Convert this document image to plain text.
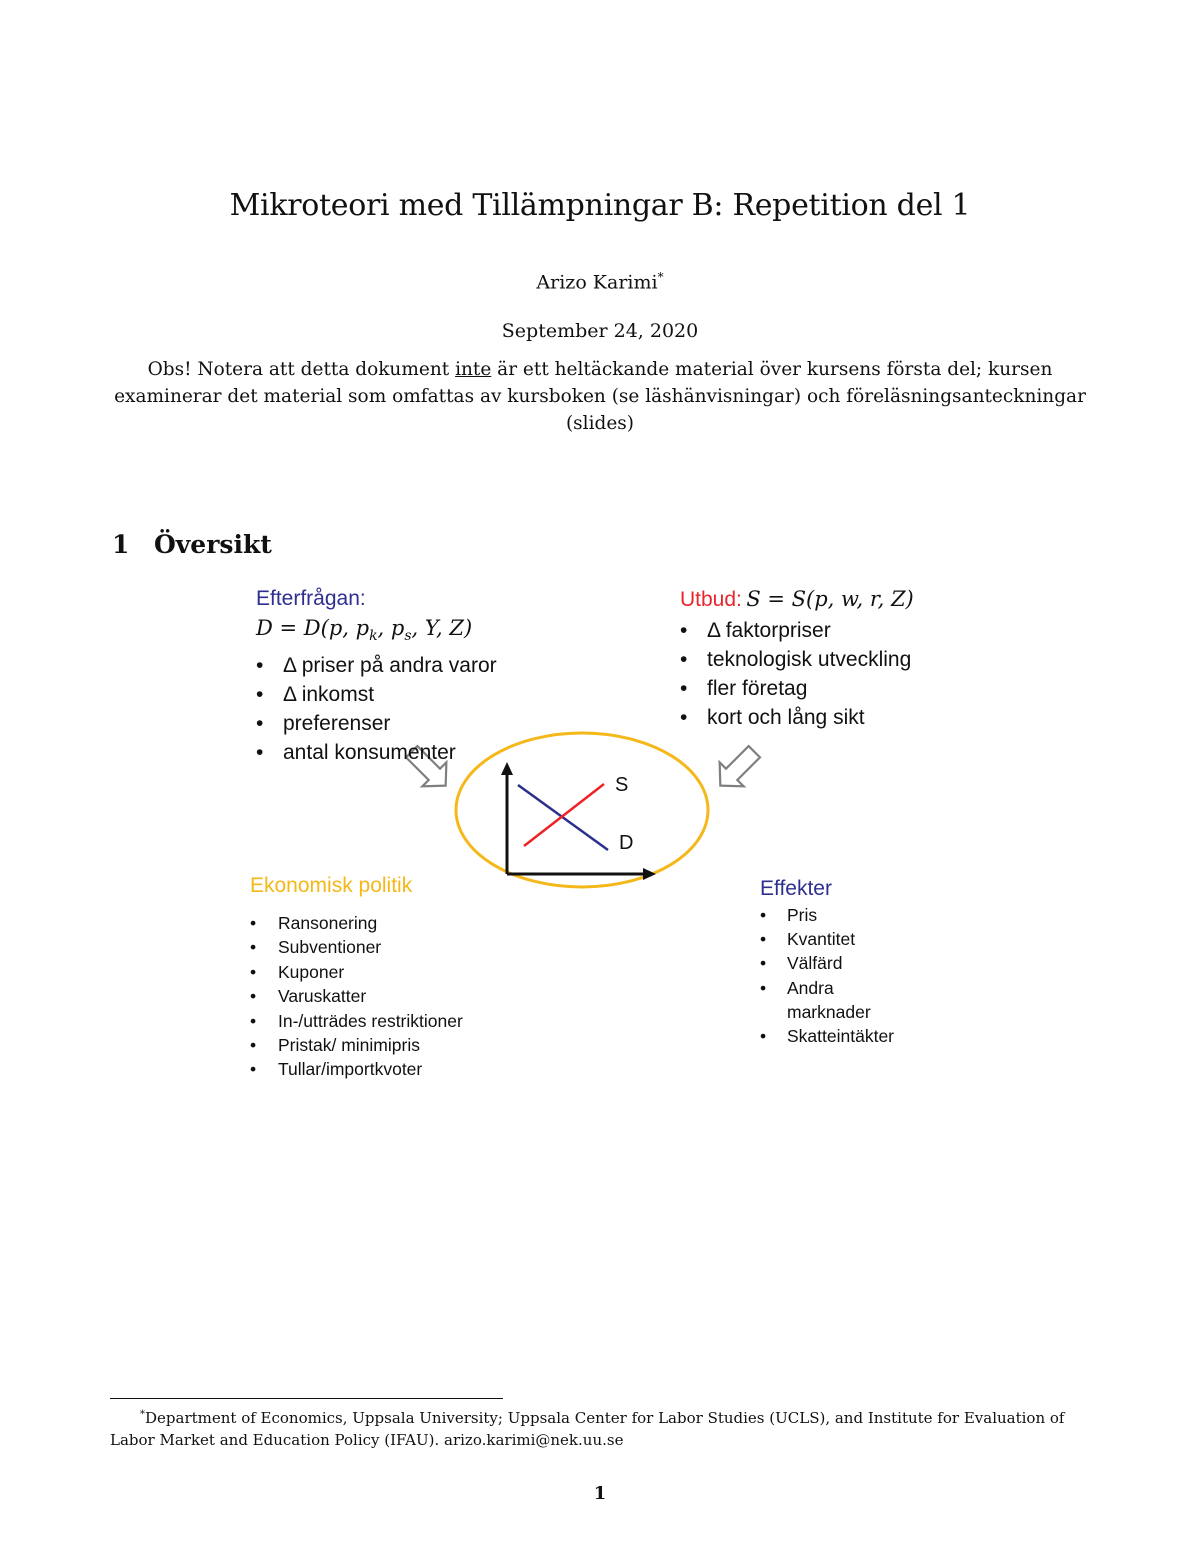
Mikroteori med Tillämpningar B: Repetition del 1
Arizo Karimi*
September 24, 2020
Obs! Notera att detta dokument inte är ett heltäckande material över kursens första del; kursen examinerar det material som omfattas av kursboken (se läshänvisningar) och föreläsningsanteckningar (slides)
1 Översikt
S
D
Efterfrågan:
D = D(p, $p_k$, $p_s$, Y, Z)
• Δ priser på andra varor
• Δ inkomst
• preferenser
• antal konsumenter
Utbud: S = S(p, w, r, Z)
• Δ faktorpriser
• teknologisk utveckling
• fler företag
• kort och lång sikt
Ekonomisk politik
• Ransonering
• Subventioner
• Kuponer
• Varuskatter
• In-/utträdes restriktioner
• Pristak/ minimipris
• Tullar/importkvoter
Effekter
• Pris
• Kvantitet
• Välfärd
• Andra marknader
• Skatteintäkter
*Department of Economics, Uppsala University; Uppsala Center for Labor Studies (UCLS), and Institute for Evaluation of
Labor Market and Education Policy (IFAU). arizo.karimi@nek.uu.se
1
